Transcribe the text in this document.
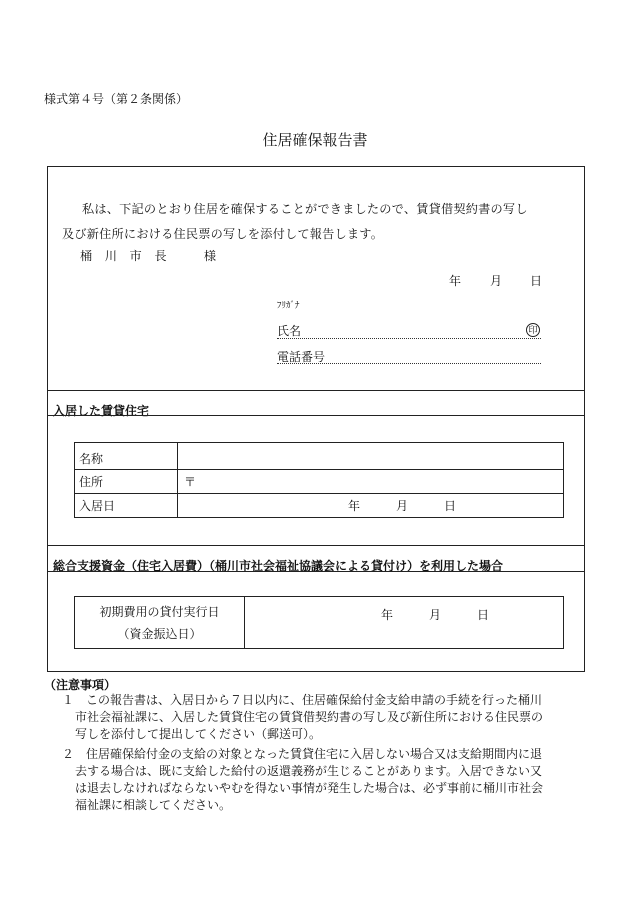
様式第４号（第２条関係）
住居確保報告書
私は、下記のとおり住居を確保することができましたので、賃貸借契約書の写し
及び新住所における住民票の写しを添付して報告します。
桶　川　市　長　　　様
年 月 日
ﾌﾘｶﾞﾅ
氏名	印
電話番号
入居した賃貸住宅
名称	
住所	〒
入居日	年　　　月　　　日
総合支援資金（住宅入居費）（桶川市社会福祉協議会による貸付け）を利用した場合
初期費用の貸付実行日
（資金振込日）
	年　　　月　　　日
（注意事項）
１ この報告書は、入居日から７日以内に、住居確保給付金支給申請の手続を行った桶川
市社会福祉課に、入居した賃貸住宅の賃貸借契約書の写し及び新住所における住民票の
写しを添付して提出してください（郵送可）。
２ 住居確保給付金の支給の対象となった賃貸住宅に入居しない場合又は支給期間内に退
去する場合は、既に支給した給付の返還義務が生じることがあります。入居できない又
は退去しなければならないやむを得ない事情が発生した場合は、必ず事前に桶川市社会
福祉課に相談してください。
